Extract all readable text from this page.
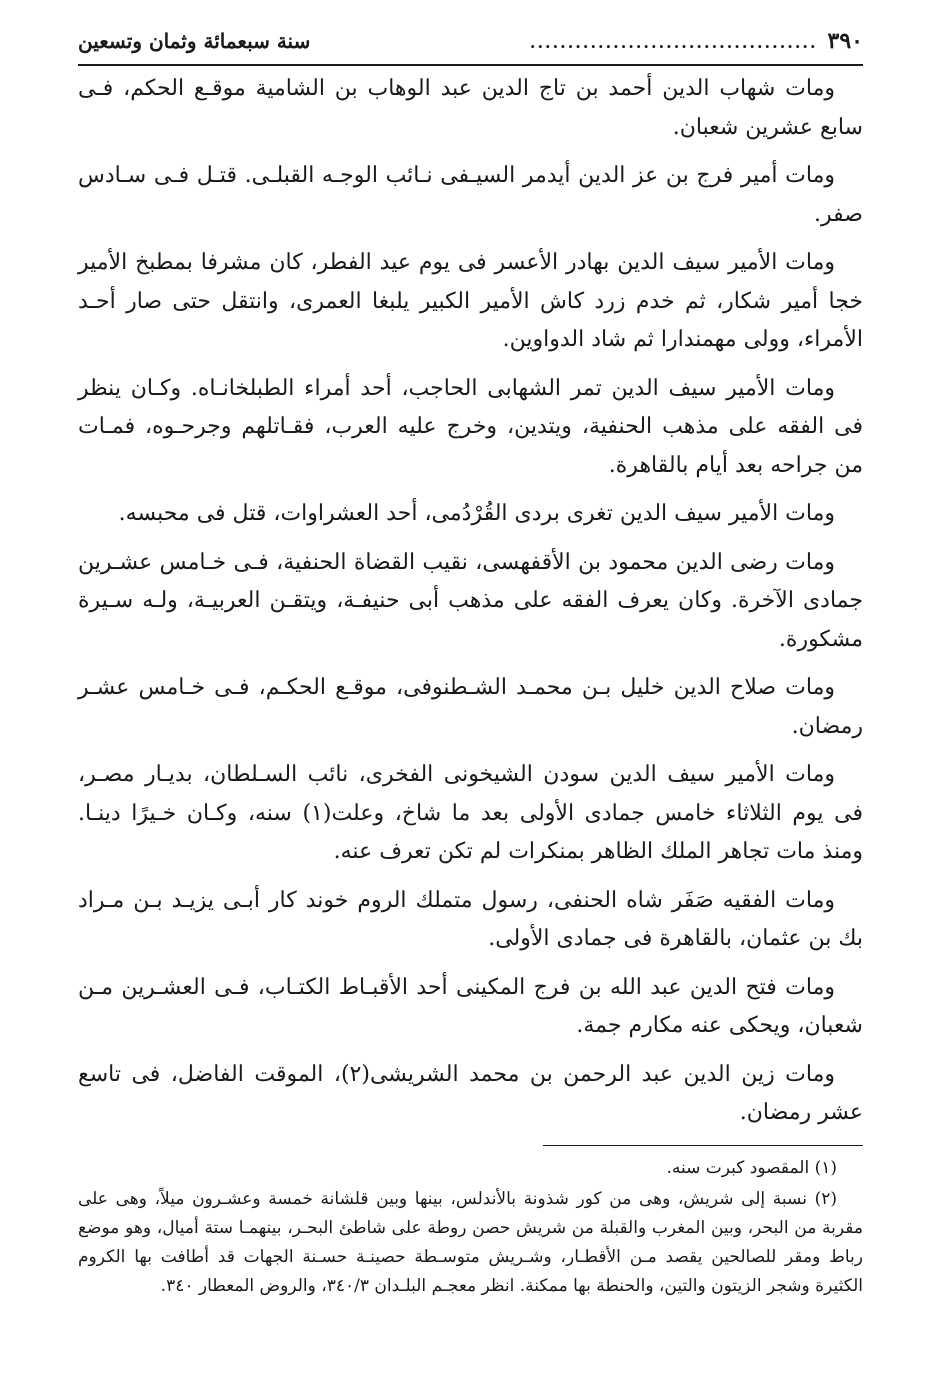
٣٩٠
......................................
سنة سبعمائة وثمان وتسعين

ومات شهاب الدين أحمد بن تاج الدين عبد الوهاب بن الشامية موقـع الحكم، فـى سابع عشرين شعبان.

ومات أمير فرج بن عز الدين أيدمر السيـفى نـائب الوجـه القبلـى. قتـل فـى سـادس صفر.

ومات الأمير سيف الدين بهادر الأعسر فى يوم عيد الفطر، كان مشرفا بمطبخ الأمير خجا أمير شكار، ثم خدم زرد كاش الأمير الكبير يلبغا العمرى، وانتقل حتى صار أحـد الأمراء، وولى مهمندارا ثم شاد الدواوين.

ومات الأمير سيف الدين تمر الشهابى الحاجب، أحد أمراء الطبلخانـاه. وكـان ينظر فى الفقه على مذهب الحنفية، ويتدين، وخرج عليه العرب، فقـاتلهم وجرحـوه، فمـات من جراحه بعد أيام بالقاهرة.

ومات الأمير سيف الدين تغرى بردى القُرْدُمى، أحد العشراوات، قتل فى محبسه.

ومات رضى الدين محمود بن الأقفهسى، نقيب القضاة الحنفية، فـى خـامس عشـرين جمادى الآخرة. وكان يعرف الفقه على مذهب أبى حنيفـة، ويتقـن العربيـة، ولـه سـيرة مشكورة.

ومات صلاح الدين خليل بـن محمـد الشـطنوفى، موقـع الحكـم، فـى خـامس عشـر رمضان.

ومات الأمير سيف الدين سودن الشيخونى الفخرى، نائب السـلطان، بديـار مصـر، فى يوم الثلاثاء خامس جمادى الأولى بعد ما شاخ، وعلت(١) سنه، وكـان خـيرًا دينـا. ومنذ مات تجاهر الملك الظاهر بمنكرات لم تكن تعرف عنه.

ومات الفقيه صَفَر شاه الحنفى، رسول متملك الروم خوند كار أبـى يزيـد بـن مـراد بك بن عثمان، بالقاهرة فى جمادى الأولى.

ومات فتح الدين عبد الله بن فرج المكينى أحد الأقبـاط الكتـاب، فـى العشـرين مـن شعبان، ويحكى عنه مكارم جمة.

ومات زين الدين عبد الرحمن بن محمد الشريشى(٢)، الموقت الفاضل، فى تاسع عشر رمضان.

(١) المقصود كبرت سنه.

(٢) نسبة إلى شريش، وهى من كور شذونة بالأندلس، بينها وبين قلشانة خمسة وعشـرون ميلاً، وهى على مقربة من البحر، وبين المغرب والقبلة من شريش حصن روطة على شاطئ البحـر، بينهمـا ستة أميال، وهو موضع رباط ومقر للصالحين يقصد مـن الأقطـار، وشـريش متوسـطة حصينـة حسـنة الجهات قد أطافت بها الكروم الكثيرة وشجر الزيتون والتين، والحنطة بها ممكنة. انظر معجـم البلـدان ٣٤٠/٣، والروض المعطار ٣٤٠.
